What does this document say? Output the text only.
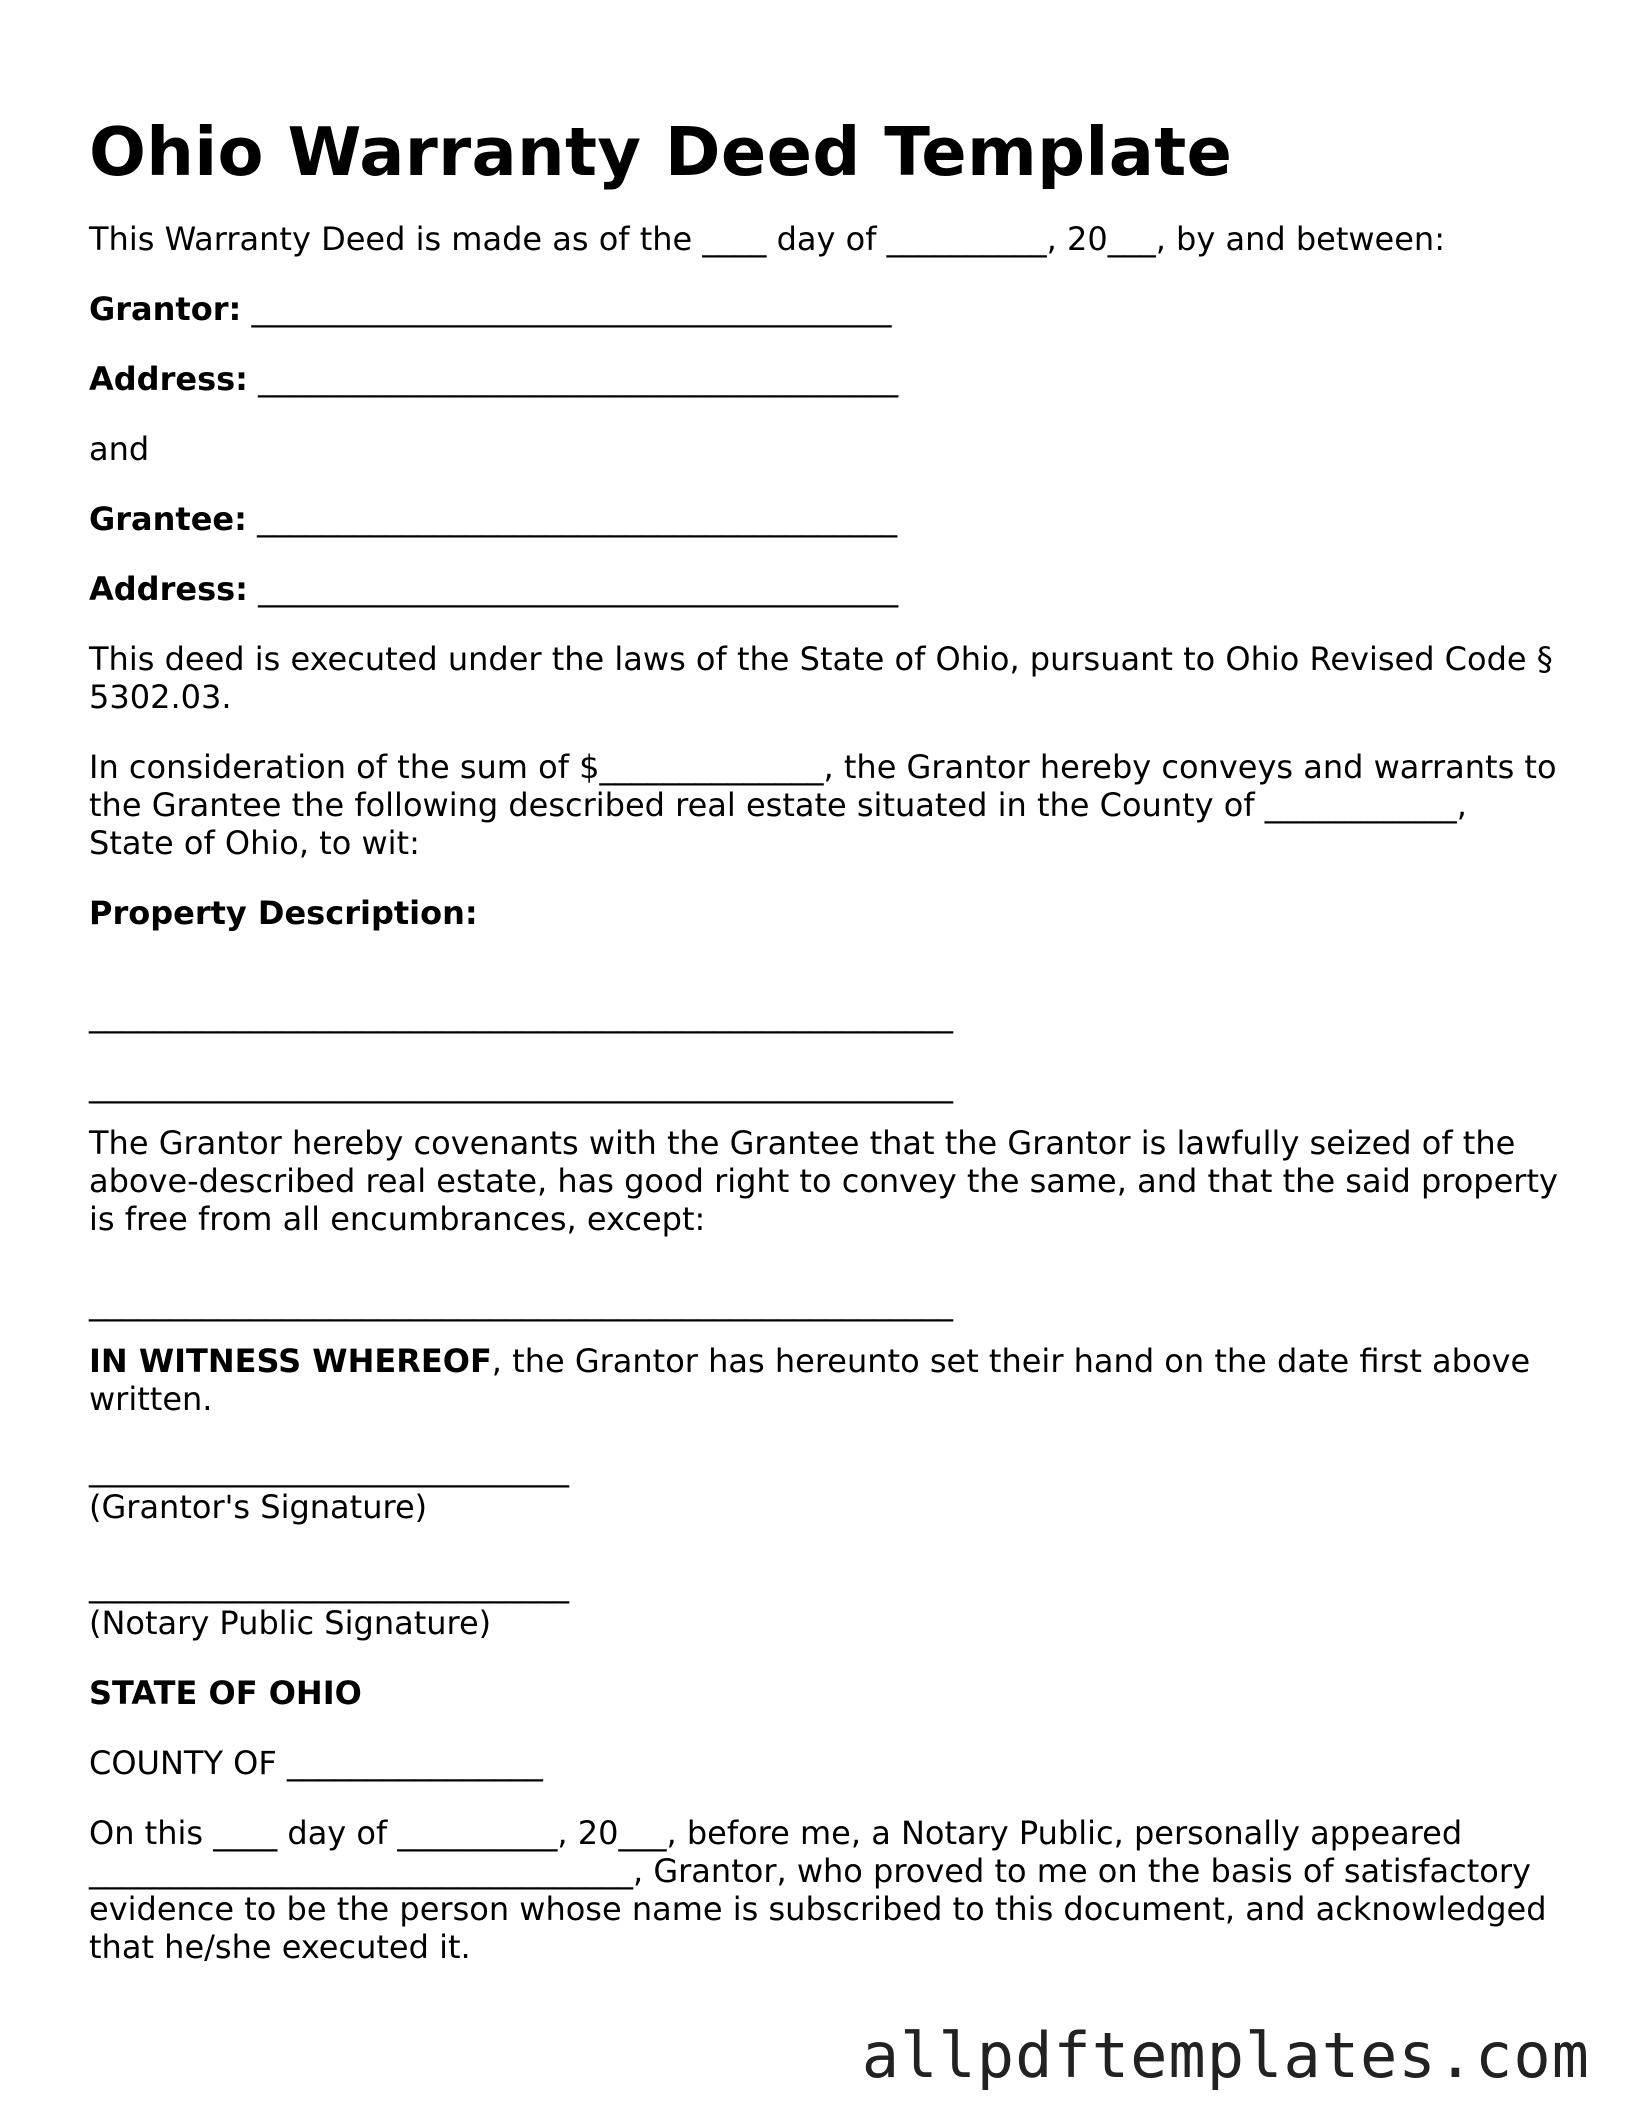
Ohio Warranty Deed Template

This Warranty Deed is made as of the ____ day of __________, 20___, by and between:

Grantor: ________________________________________

Address: ________________________________________

and

Grantee: ________________________________________

Address: ________________________________________

This deed is executed under the laws of the State of Ohio, pursuant to Ohio Revised Code § 5302.03.

In consideration of the sum of $______________, the Grantor hereby conveys and warrants to the Grantee the following described real estate situated in the County of ____________, State of Ohio, to wit:

Property Description:

______________________________________________________

______________________________________________________

The Grantor hereby covenants with the Grantee that the Grantor is lawfully seized of the above-described real estate, has good right to convey the same, and that the said property is free from all encumbrances, except:

______________________________________________________

IN WITNESS WHEREOF, the Grantor has hereunto set their hand on the date first above written.

______________________________
(Grantor's Signature)
______________________________
(Notary Public Signature)

STATE OF OHIO

COUNTY OF ________________

On this ____ day of __________, 20___, before me, a Notary Public, personally appeared __________________________________, Grantor, who proved to me on the basis of satisfactory evidence to be the person whose name is subscribed to this document, and acknowledged that he/she executed it.

allpdftemplates.com
